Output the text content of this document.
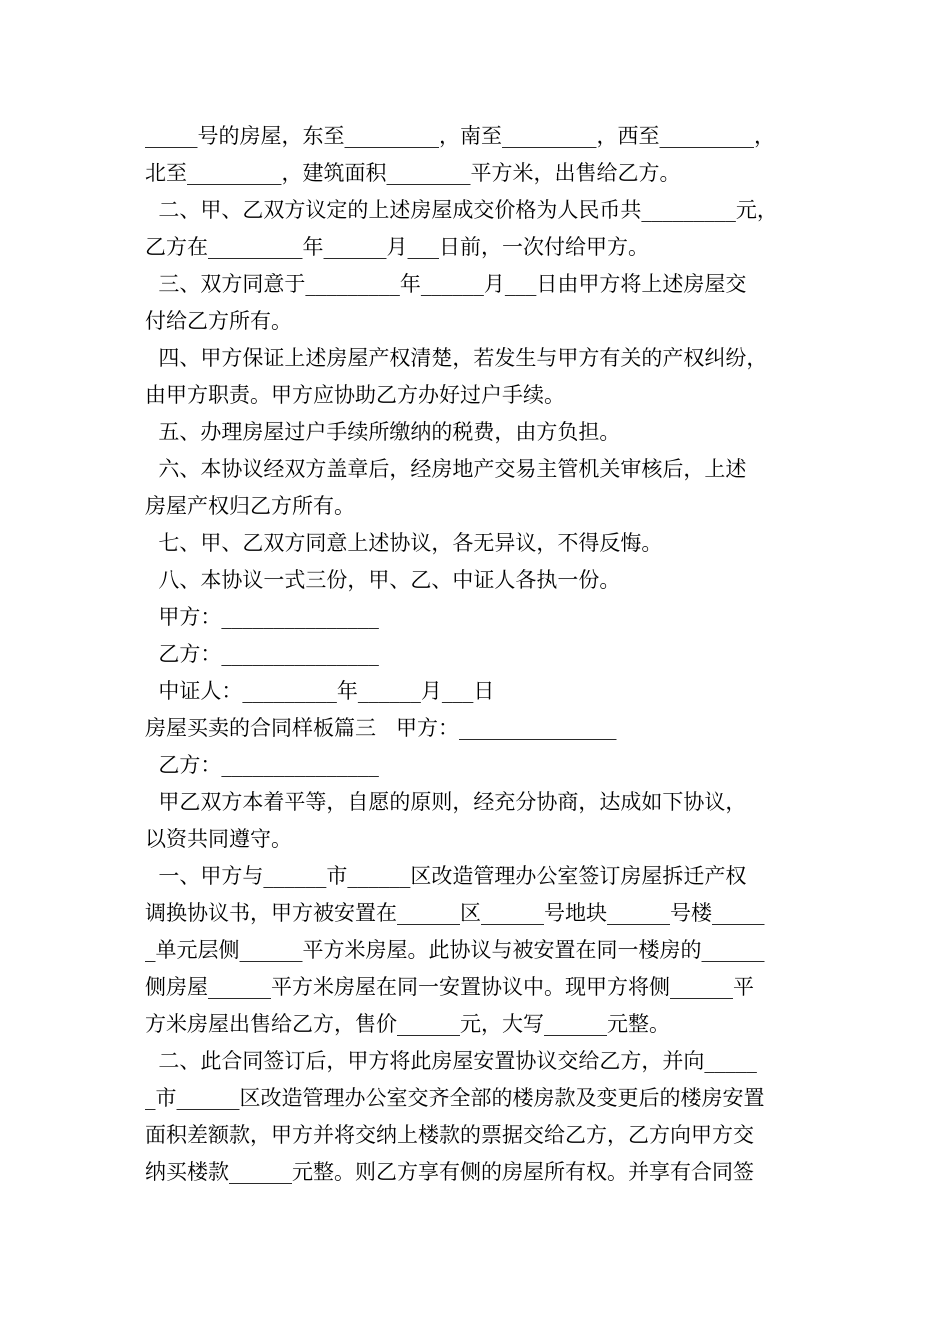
_____号的房屋，东至_________，南至_________，西至_________，
北至_________，建筑面积________平方米，出售给乙方。
二、甲、乙双方议定的上述房屋成交价格为人民币共_________元，
乙方在_________年______月___日前，一次付给甲方。
三、双方同意于_________年______月___日由甲方将上述房屋交
付给乙方所有。
四、甲方保证上述房屋产权清楚，若发生与甲方有关的产权纠纷，
由甲方职责。甲方应协助乙方办好过户手续。
五、办理房屋过户手续所缴纳的税费，由方负担。
六、本协议经双方盖章后，经房地产交易主管机关审核后，上述
房屋产权归乙方所有。
七、甲、乙双方同意上述协议，各无异议，不得反悔。
八、本协议一式三份，甲、乙、中证人各执一份。
甲方：_______________
乙方：_______________
中证人：_________年______月___日
房屋买卖的合同样板篇三   甲方：_______________
乙方：_______________
甲乙双方本着平等，自愿的原则，经充分协商，达成如下协议，
以资共同遵守。
一、甲方与______市______区改造管理办公室签订房屋拆迁产权
调换协议书，甲方被安置在______区______号地块______号楼_____
_单元层侧______平方米房屋。此协议与被安置在同一楼房的______
侧房屋______平方米房屋在同一安置协议中。现甲方将侧______平
方米房屋出售给乙方，售价______元，大写______元整。
二、此合同签订后，甲方将此房屋安置协议交给乙方，并向_____
_市______区改造管理办公室交齐全部的楼房款及变更后的楼房安置
面积差额款，甲方并将交纳上楼款的票据交给乙方，乙方向甲方交
纳买楼款______元整。则乙方享有侧的房屋所有权。并享有合同签
